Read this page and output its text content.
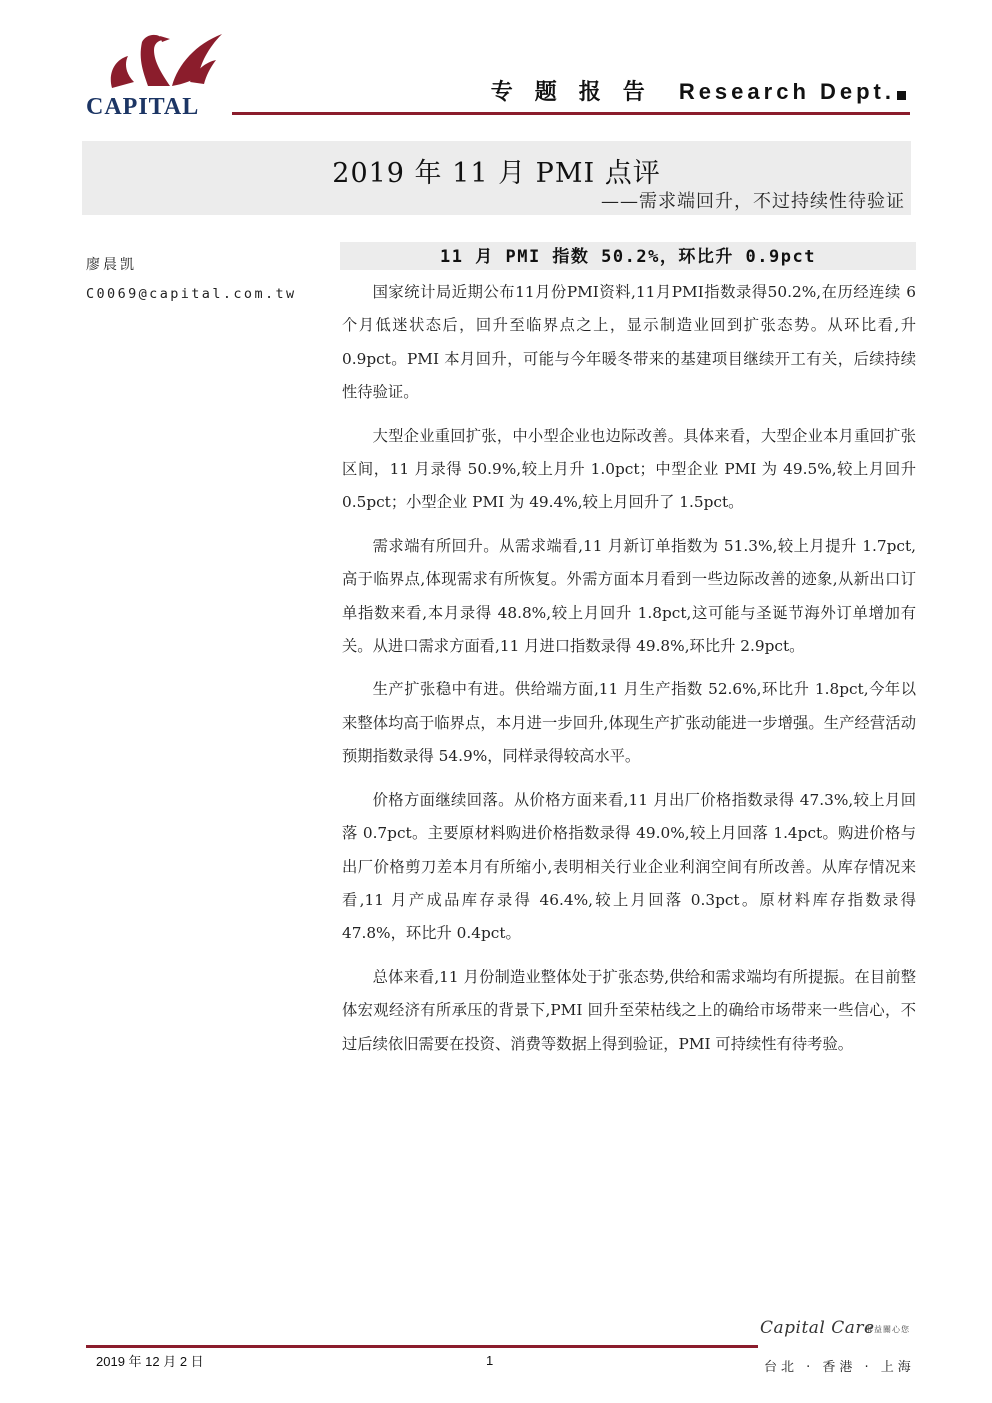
CAPITAL
专题报告 Research Dept.
2019 年 11 月 PMI 点评
——需求端回升，不过持续性待验证
廖晨凯
C0069@capital.com.tw
11 月 PMI 指数 50.2%，环比升 0.9pct

国家统计局近期公布11月份PMI资料,11月PMI指数录得50.2%,在历经连续 6 个月低迷状态后，回升至临界点之上，显示制造业回到扩张态势。从环比看,升 0.9pct。PMI 本月回升，可能与今年暖冬带来的基建项目继续开工有关，后续持续性待验证。

大型企业重回扩张，中小型企业也边际改善。具体来看，大型企业本月重回扩张区间，11 月录得 50.9%,较上月升 1.0pct；中型企业 PMI 为 49.5%,较上月回升 0.5pct；小型企业 PMI 为 49.4%,较上月回升了 1.5pct。

需求端有所回升。从需求端看,11 月新订单指数为 51.3%,较上月提升 1.7pct,高于临界点,体现需求有所恢复。外需方面本月看到一些边际改善的迹象,从新出口订单指数来看,本月录得 48.8%,较上月回升 1.8pct,这可能与圣诞节海外订单增加有关。从进口需求方面看,11 月进口指数录得 49.8%,环比升 2.9pct。

生产扩张稳中有进。供给端方面,11 月生产指数 52.6%,环比升 1.8pct,今年以来整体均高于临界点，本月进一步回升,体现生产扩张动能进一步增强。生产经营活动预期指数录得 54.9%，同样录得较高水平。

价格方面继续回落。从价格方面来看,11 月出厂价格指数录得 47.3%,较上月回落 0.7pct。主要原材料购进价格指数录得 49.0%,较上月回落 1.4pct。购进价格与出厂价格剪刀差本月有所缩小,表明相关行业企业利润空间有所改善。从库存情况来看,11 月产成品库存录得 46.4%,较上月回落 0.3pct。原材料库存指数录得 47.8%，环比升 0.4pct。

总体来看,11 月份制造业整体处于扩张态势,供给和需求端均有所提振。在目前整体宏观经济有所承压的背景下,PMI 回升至荣枯线之上的确给市场带来一些信心，不过后续依旧需要在投资、消费等数据上得到验证，PMI 可持续性有待考验。

2019 年 12 月 2 日	1
Capital Care
群益關心您
台北 · 香港 · 上海
